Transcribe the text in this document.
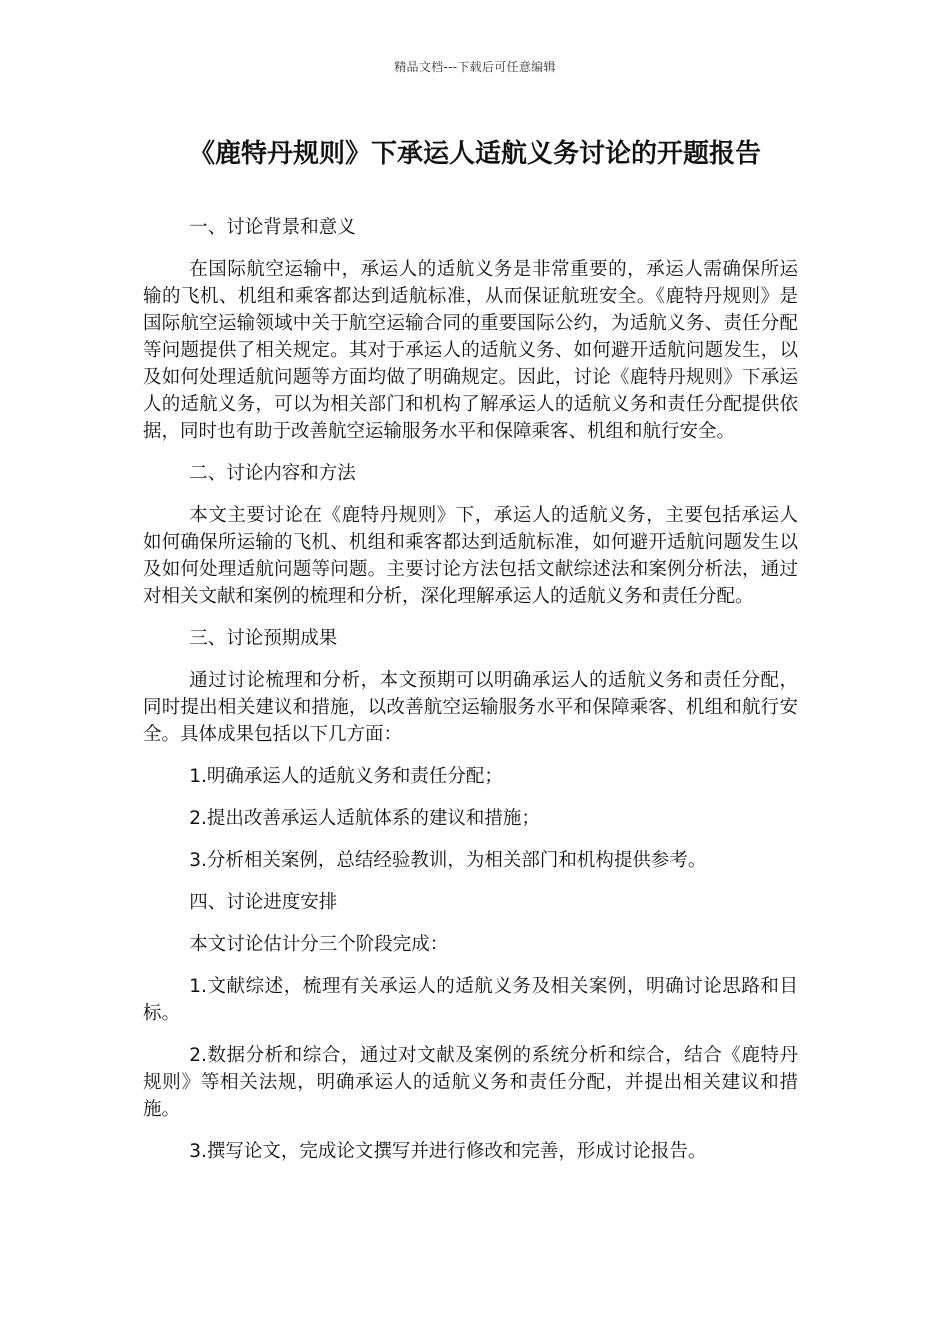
精品文档---下载后可任意编辑
《鹿特丹规则》下承运人适航义务讨论的开题报告

一、讨论背景和意义

在国际航空运输中，承运人的适航义务是非常重要的，承运人需确保所运输的飞机、机组和乘客都达到适航标准，从而保证航班安全。《鹿特丹规则》是国际航空运输领域中关于航空运输合同的重要国际公约，为适航义务、责任分配等问题提供了相关规定。其对于承运人的适航义务、如何避开适航问题发生，以及如何处理适航问题等方面均做了明确规定。因此，讨论《鹿特丹规则》下承运人的适航义务，可以为相关部门和机构了解承运人的适航义务和责任分配提供依据，同时也有助于改善航空运输服务水平和保障乘客、机组和航行安全。

二、讨论内容和方法

本文主要讨论在《鹿特丹规则》下，承运人的适航义务，主要包括承运人如何确保所运输的飞机、机组和乘客都达到适航标准，如何避开适航问题发生以及如何处理适航问题等问题。主要讨论方法包括文献综述法和案例分析法，通过对相关文献和案例的梳理和分析，深化理解承运人的适航义务和责任分配。

三、讨论预期成果

通过讨论梳理和分析，本文预期可以明确承运人的适航义务和责任分配，同时提出相关建议和措施，以改善航空运输服务水平和保障乘客、机组和航行安全。具体成果包括以下几方面：

1.明确承运人的适航义务和责任分配；

2.提出改善承运人适航体系的建议和措施；

3.分析相关案例，总结经验教训，为相关部门和机构提供参考。

四、讨论进度安排

本文讨论估计分三个阶段完成：

1.文献综述，梳理有关承运人的适航义务及相关案例，明确讨论思路和目标。

2.数据分析和综合，通过对文献及案例的系统分析和综合，结合《鹿特丹规则》等相关法规，明确承运人的适航义务和责任分配，并提出相关建议和措施。

3.撰写论文，完成论文撰写并进行修改和完善，形成讨论报告。
